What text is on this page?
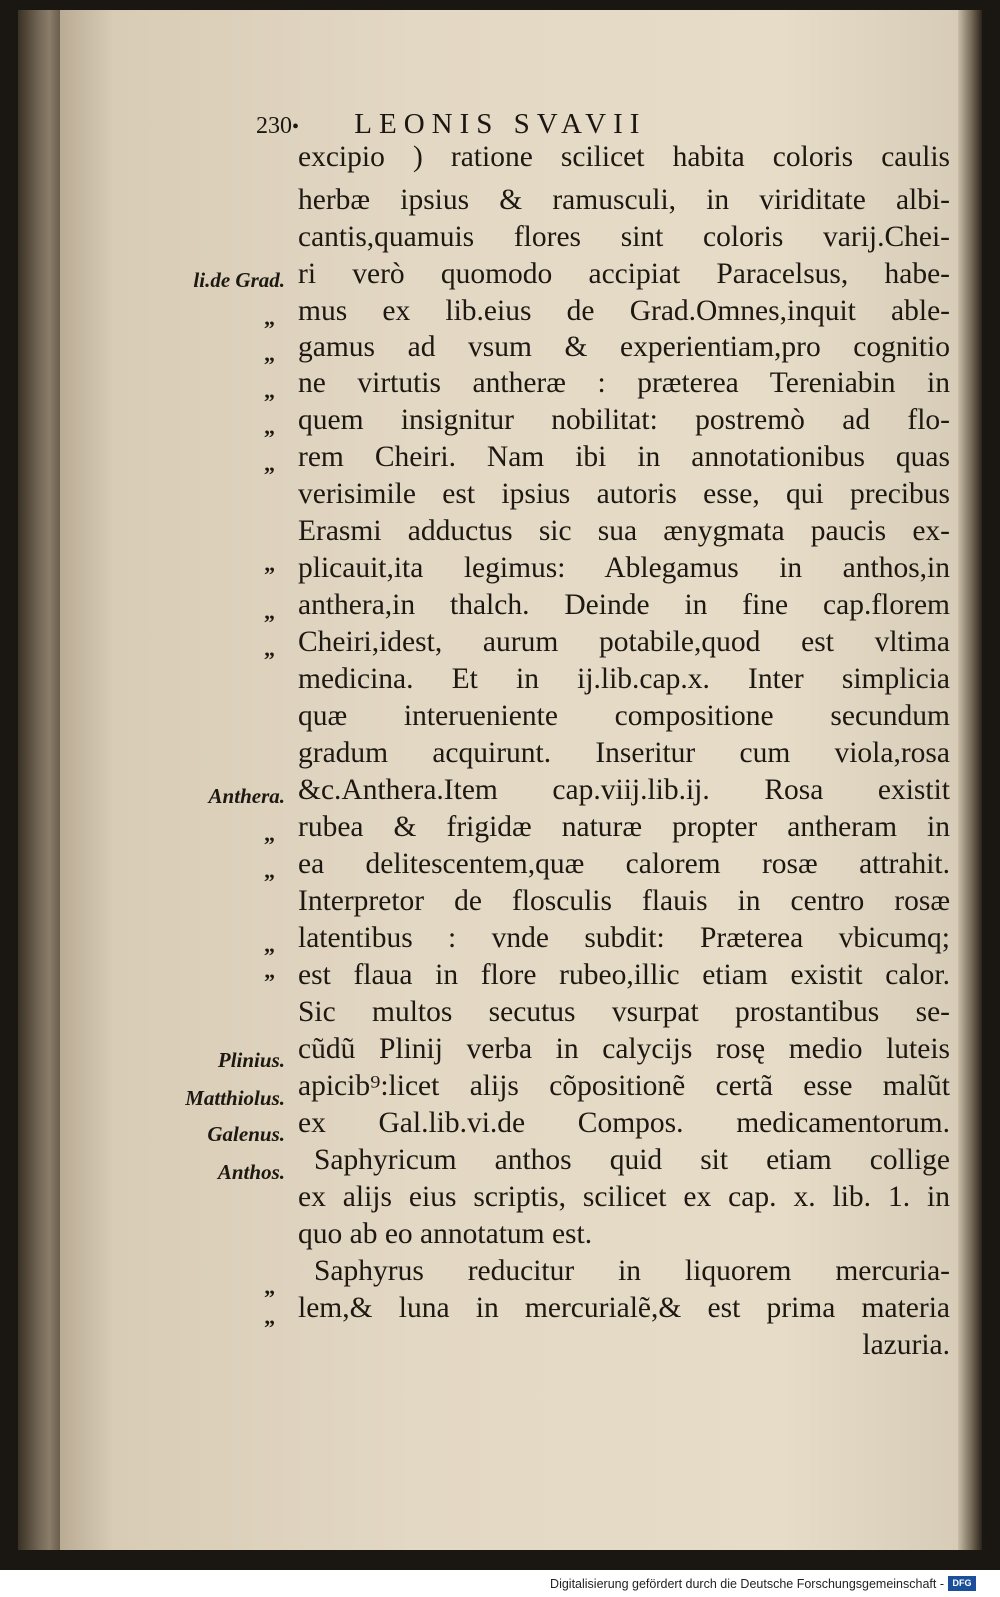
230• LEONIS SVAVII
excipio ) ratione scilicet habita coloris caulis
herbæ ipsius & ramusculi, in viriditate albi-
cantis,quamuis flores sint coloris varij.Chei-
ri verò quomodo accipiat Paracelsus, habe-
mus ex lib.eius de Grad.Omnes,inquit able-
gamus ad vsum & experientiam,pro cognitio
ne virtutis antheræ : præterea Tereniabin in
quem insignitur nobilitat: postremò ad flo-
rem Cheiri. Nam ibi in annotationibus quas
verisimile est ipsius autoris esse, qui precibus
Erasmi adductus sic sua ænygmata paucis ex-
plicauit,ita legimus: Ablegamus in anthos,in
anthera,in thalch. Deinde in fine cap.florem
Cheiri,idest, aurum potabile,quod est vltima
medicina. Et in ij.lib.cap.x. Inter simplicia
quæ interueniente compositione secundum
gradum acquirunt. Inseritur cum viola,rosa
&c.Anthera.Item cap.viij.lib.ij. Rosa existit
rubea & frigidæ naturæ propter antheram in
ea delitescentem,quæ calorem rosæ attrahit.
Interpretor de flosculis flauis in centro rosæ
latentibus : vnde subdit: Præterea vbicumq;
est flaua in flore rubeo,illic etiam existit calor.
Sic multos secutus vsurpat prostantibus se-
cũdũ Plinij verba in calycijs rosę medio luteis
apicib⁹:licet alijs cõpositionẽ certã esse malũt
ex Gal.lib.vi.de Compos. medicamentorum.
Saphyricum anthos quid sit etiam collige
ex alijs eius scriptis, scilicet ex cap. x. lib. 1. in
quo ab eo annotatum est.
Saphyrus reducitur in liquorem mercuria-
lem,& luna in mercurialẽ,& est prima materia
lazuria.
li.de Grad.
Anthera.
Plinius.
Matthiolus.
Galenus.
Anthos.
„
„
„
„
„
”
„
„
„
„
„
”
”
”
Digitalisierung gefördert durch die Deutsche Forschungsgemeinschaft - DFG
